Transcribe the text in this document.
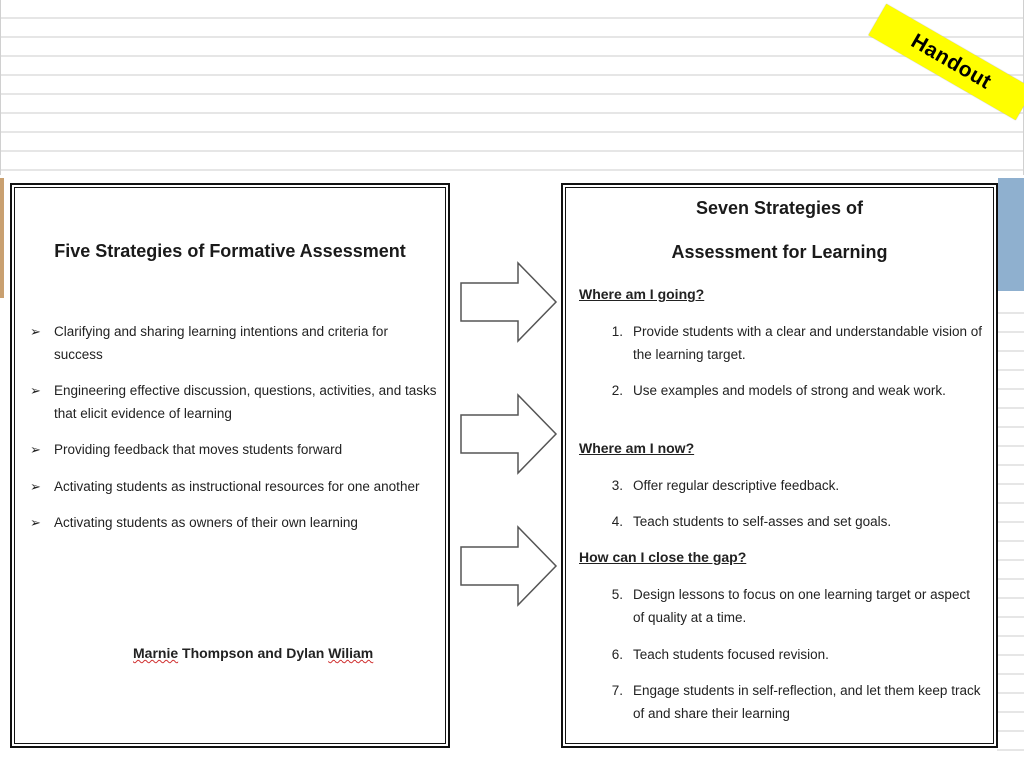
Handout
Five Strategies of Formative Assessment
➢ Clarifying and sharing learning intentions and criteria for success
➢ Engineering effective discussion, questions, activities, and tasks that elicit evidence of learning
➢ Providing feedback that moves students forward
➢ Activating students as instructional resources for one another
➢ Activating students as owners of their own learning
Marnie Thompson and Dylan Wiliam
Seven Strategies of
Assessment for Learning
Where am I going?
1. Provide students with a clear and understandable vision of the learning target.
2. Use examples and models of strong and weak work.
Where am I now?
3. Offer regular descriptive feedback.
4. Teach students to self-asses and set goals.
How can I close the gap?
5. Design lessons to focus on one learning target or aspect of quality at a time.
6. Teach students focused revision.
7. Engage students in self-reflection, and let them keep track of and share their learning
